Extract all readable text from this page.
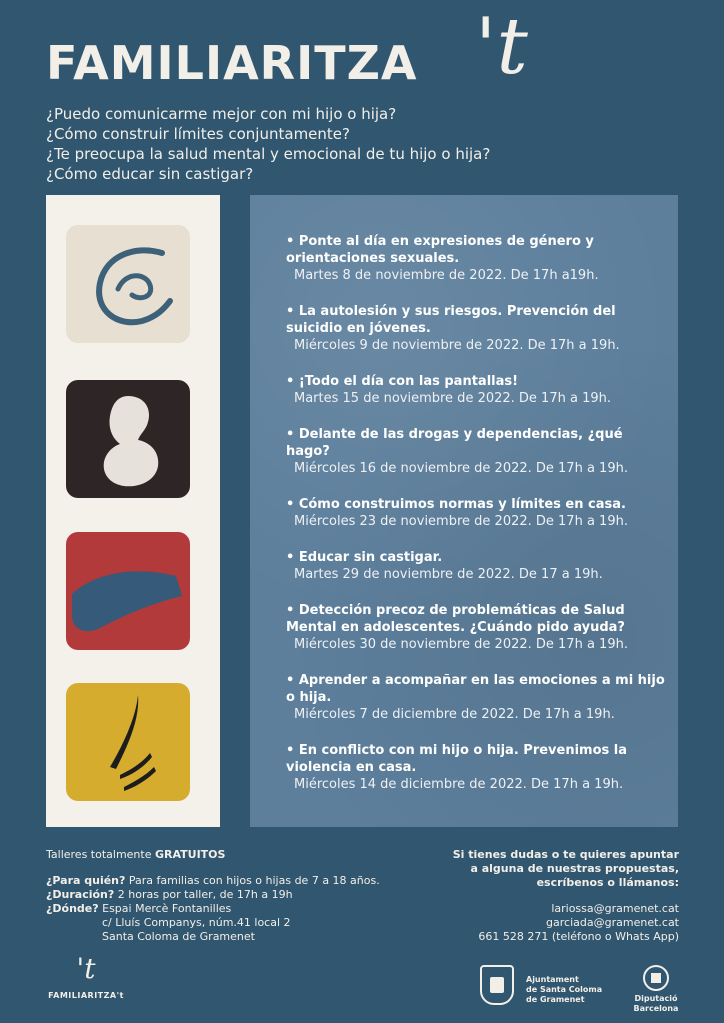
FAMILIARITZA 't
¿Puedo comunicarme mejor con mi hijo o hija?
¿Cómo construir límites conjuntamente?
¿Te preocupa la salud mental y emocional de tu hijo o hija?
¿Cómo educar sin castigar?
• Ponte al día en expresiones de género y orientaciones sexuales.
Martes 8 de noviembre de 2022. De 17h a19h.
• La autolesión y sus riesgos. Prevención del suicidio en jóvenes.
Miércoles 9 de noviembre de 2022. De 17h a 19h.
• ¡Todo el día con las pantallas!
Martes 15 de noviembre de 2022. De 17h a 19h.
• Delante de las drogas y dependencias, ¿qué hago?
Miércoles 16 de noviembre de 2022. De 17h a 19h.
• Cómo construimos normas y límites en casa.
Miércoles 23 de noviembre de 2022. De 17h a 19h.
• Educar sin castigar.
Martes 29 de noviembre de 2022. De 17 a 19h.
• Detección precoz de problemáticas de Salud Mental en adolescentes. ¿Cuándo pido ayuda?
Miércoles 30 de noviembre de 2022. De 17h a 19h.
• Aprender a acompañar en las emociones a mi hijo o hija.
Miércoles 7 de diciembre de 2022. De 17h a 19h.
• En conflicto con mi hijo o hija. Prevenimos la violencia en casa.
Miércoles 14 de diciembre de 2022. De 17h a 19h.
Talleres totalmente GRATUITOS
¿Para quién? Para familias con hijos o hijas de 7 a 18 años.
¿Duración? 2 horas por taller, de 17h a 19h
¿Dónde? Espai Mercè Fontanilles
c/ Lluís Companys, núm.41 local 2
Santa Coloma de Gramenet
Si tienes dudas o te quieres apuntar
a alguna de nuestras propuestas,
escríbenos o llámanos:
lariossa@gramenet.cat
garciada@gramenet.cat
661 528 271 (teléfono o Whats App)
't
FAMILIARITZA't
Ajuntament
de Santa Coloma
de Gramenet	Diputació
Barcelona
